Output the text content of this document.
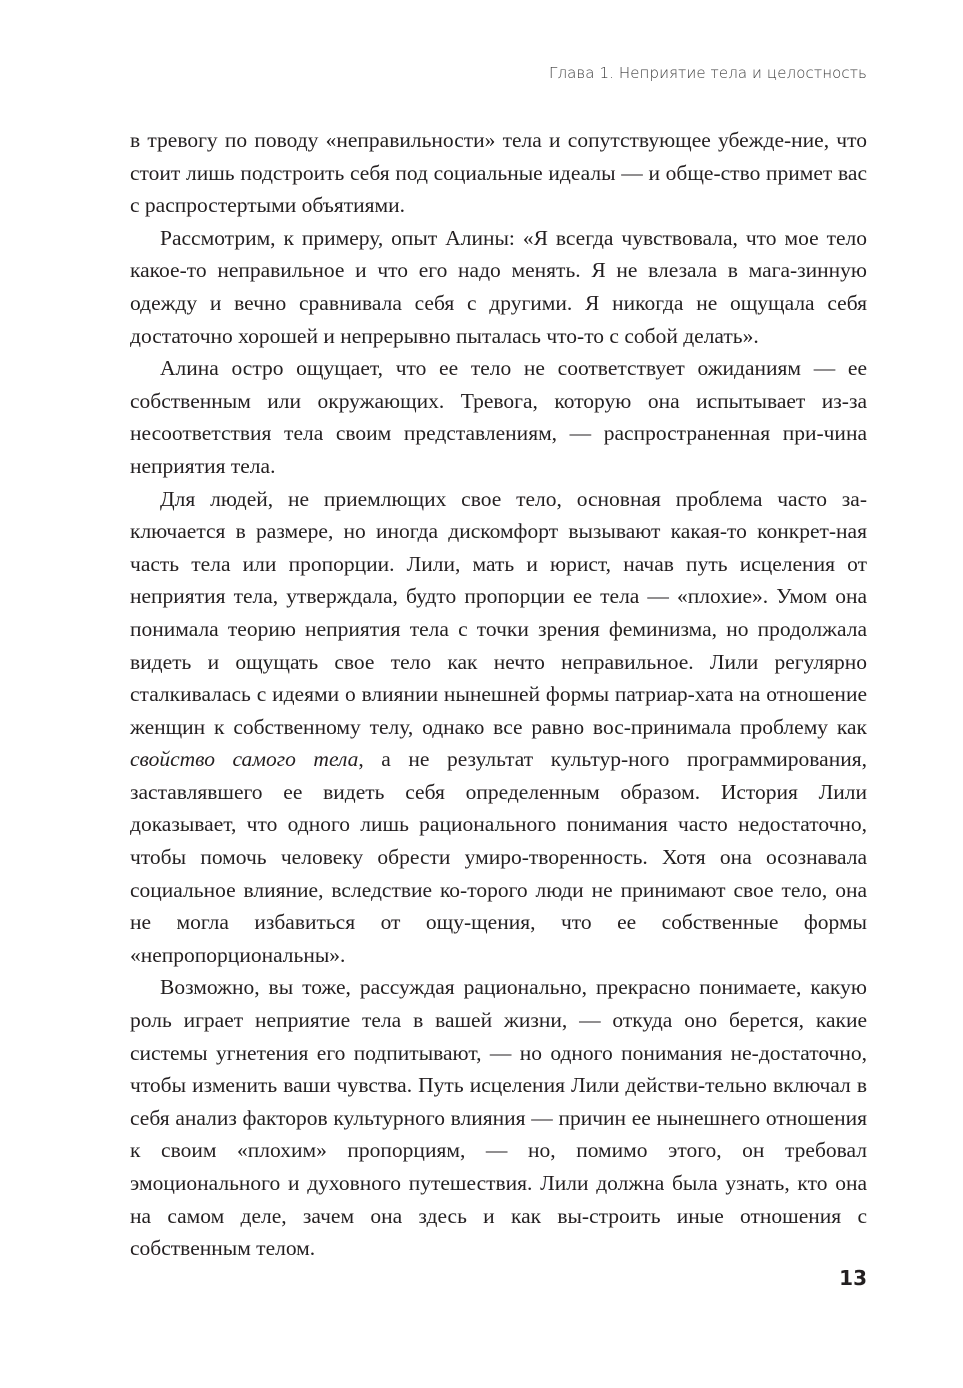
Глава 1. Неприятие тела и целостность

в тревогу по поводу «неправильности» тела и сопутствующее убежде-ние, что стоит лишь подстроить себя под социальные идеалы — и обще-ство примет вас с распростертыми объятиями.

Рассмотрим, к примеру, опыт Алины: «Я всегда чувствовала, что мое тело какое-то неправильное и что его надо менять. Я не влезала в мага-зинную одежду и вечно сравнивала себя с другими. Я никогда не ощущала себя достаточно хорошей и непрерывно пыталась что-то с собой делать».

Алина остро ощущает, что ее тело не соответствует ожиданиям — ее собственным или окружающих. Тревога, которую она испытывает из-за несоответствия тела своим представлениям, — распространенная при-чина неприятия тела.

Для людей, не приемлющих свое тело, основная проблема часто за-ключается в размере, но иногда дискомфорт вызывают какая-то конкрет-ная часть тела или пропорции. Лили, мать и юрист, начав путь исцеления от неприятия тела, утверждала, будто пропорции ее тела — «плохие». Умом она понимала теорию неприятия тела с точки зрения феминизма, но продолжала видеть и ощущать свое тело как нечто неправильное. Лили регулярно сталкивалась с идеями о влиянии нынешней формы патриар-хата на отношение женщин к собственному телу, однако все равно вос-принимала проблему как свойство самого тела, а не результат культур-ного программирования, заставлявшего ее видеть себя определенным образом. История Лили доказывает, что одного лишь рационального понимания часто недостаточно, чтобы помочь человеку обрести умиро-творенность. Хотя она осознавала социальное влияние, вследствие ко-торого люди не принимают свое тело, она не могла избавиться от ощу-щения, что ее собственные формы «непропорциональны».

Возможно, вы тоже, рассуждая рационально, прекрасно понимаете, какую роль играет неприятие тела в вашей жизни, — откуда оно берется, какие системы угнетения его подпитывают, — но одного понимания не-достаточно, чтобы изменить ваши чувства. Путь исцеления Лили действи-тельно включал в себя анализ факторов культурного влияния — причин ее нынешнего отношения к своим «плохим» пропорциям, — но, помимо этого, он требовал эмоционального и духовного путешествия. Лили должна была узнать, кто она на самом деле, зачем она здесь и как вы-строить иные отношения с собственным телом.

13
